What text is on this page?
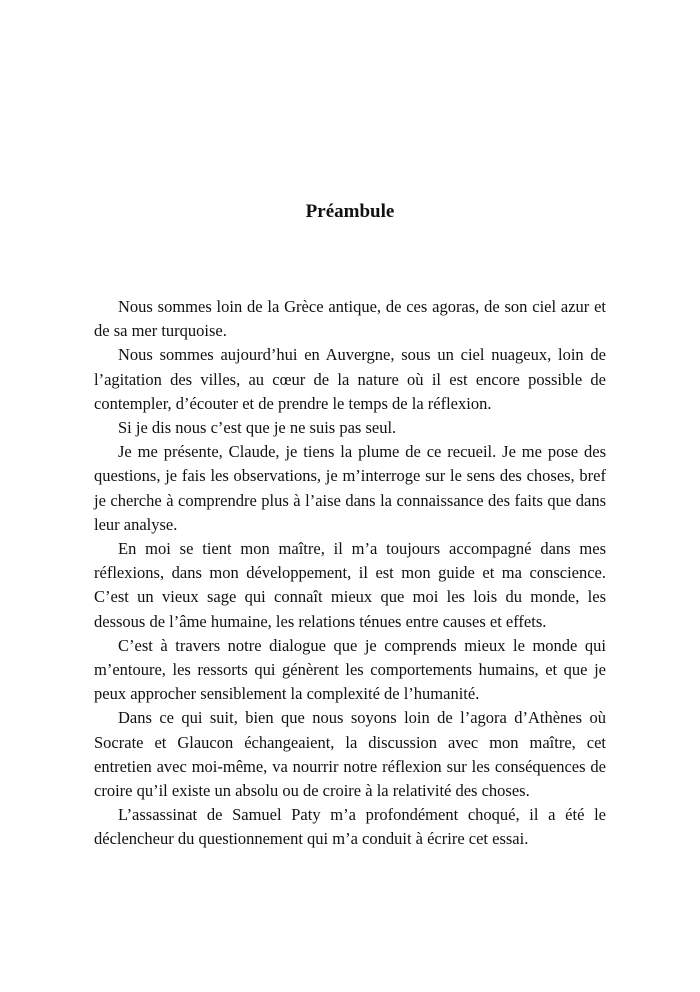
Préambule

Nous sommes loin de la Grèce antique, de ces agoras, de son ciel azur et de sa mer turquoise.

Nous sommes aujourd’hui en Auvergne, sous un ciel nuageux, loin de l’agitation des villes, au cœur de la nature où il est encore possible de contempler, d’écouter et de prendre le temps de la réflexion.

Si je dis nous c’est que je ne suis pas seul.

Je me présente, Claude, je tiens la plume de ce recueil. Je me pose des questions, je fais les observations, je m’interroge sur le sens des choses, bref je cherche à comprendre plus à l’aise dans la connaissance des faits que dans leur analyse.

En moi se tient mon maître, il m’a toujours accompagné dans mes réflexions, dans mon développement, il est mon guide et ma conscience. C’est un vieux sage qui connaît mieux que moi les lois du monde, les dessous de l’âme humaine, les relations ténues entre causes et effets.

C’est à travers notre dialogue que je comprends mieux le monde qui m’entoure, les ressorts qui génèrent les comportements humains, et que je peux approcher sensiblement la complexité de l’humanité.

Dans ce qui suit, bien que nous soyons loin de l’agora d’Athènes où Socrate et Glaucon échangeaient, la discussion avec mon maître, cet entretien avec moi-même, va nourrir notre réflexion sur les conséquences de croire qu’il existe un absolu ou de croire à la relativité des choses.

L’assassinat de Samuel Paty m’a profondément choqué, il a été le déclencheur du questionnement qui m’a conduit à écrire cet essai.
